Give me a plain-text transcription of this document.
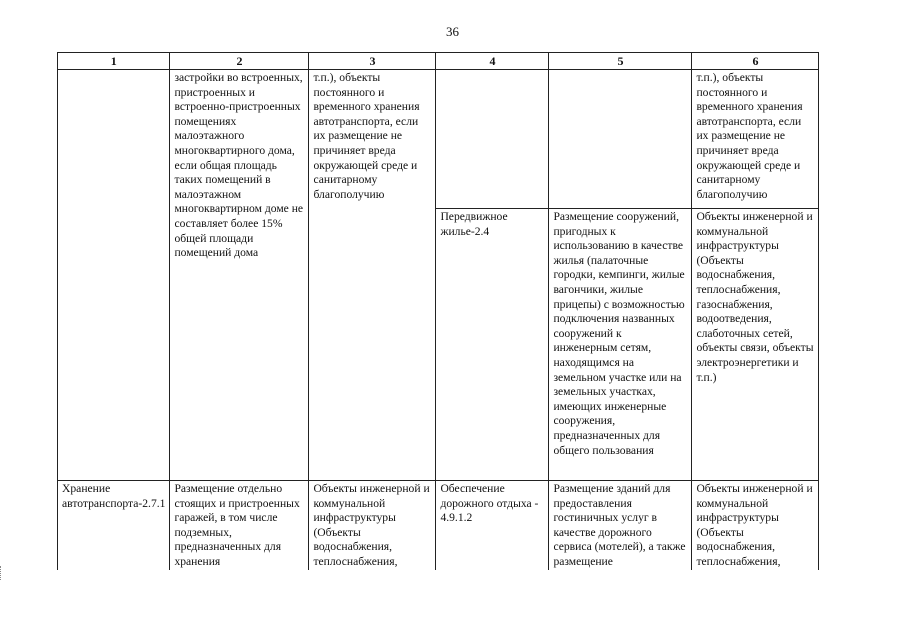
36
1	2	3	4	5	6
	застройки во встроенных, пристроенных и встроенно-пристроенных помещениях малоэтажного многоквартирного дома, если общая площадь таких помещений в малоэтажном многоквартирном доме не составляет более 15% общей площади помещений дома	т.п.), объекты постоянного и временного хранения автотранспорта, если их размещение не причиняет вреда окружающей среде и санитарному благополучию			т.п.), объекты постоянного и временного хранения автотранспорта, если их размещение не причиняет вреда окружающей среде и санитарному благополучию
			Передвижное жилье-2.4	Размещение сооружений, пригодных к использованию в качестве жилья (палаточные городки, кемпинги, жилые вагончики, жилые прицепы) с возможностью подключения названных сооружений к инженерным сетям, находящимся на земельном участке или на земельных участках, имеющих инженерные сооружения, предназначенных для общего пользования	Объекты инженерной и коммунальной инфраструктуры (Объекты водоснабжения, теплоснабжения, газоснабжения, водоотведения, слаботочных сетей, объекты связи, объекты электроэнергетики и т.п.)
Хранение автотранспорта-2.7.1	Размещение отдельно стоящих и пристроенных гаражей, в том числе подземных, предназначенных для хранения	Объекты инженерной и коммунальной инфраструктуры (Объекты водоснабжения, теплоснабжения,	Обеспечение дорожного отдыха - 4.9.1.2	Размещение зданий для предоставления гостиничных услуг в качестве дорожного сервиса (мотелей), а также размещение	Объекты инженерной и коммунальной инфраструктуры (Объекты водоснабжения, теплоснабжения,
